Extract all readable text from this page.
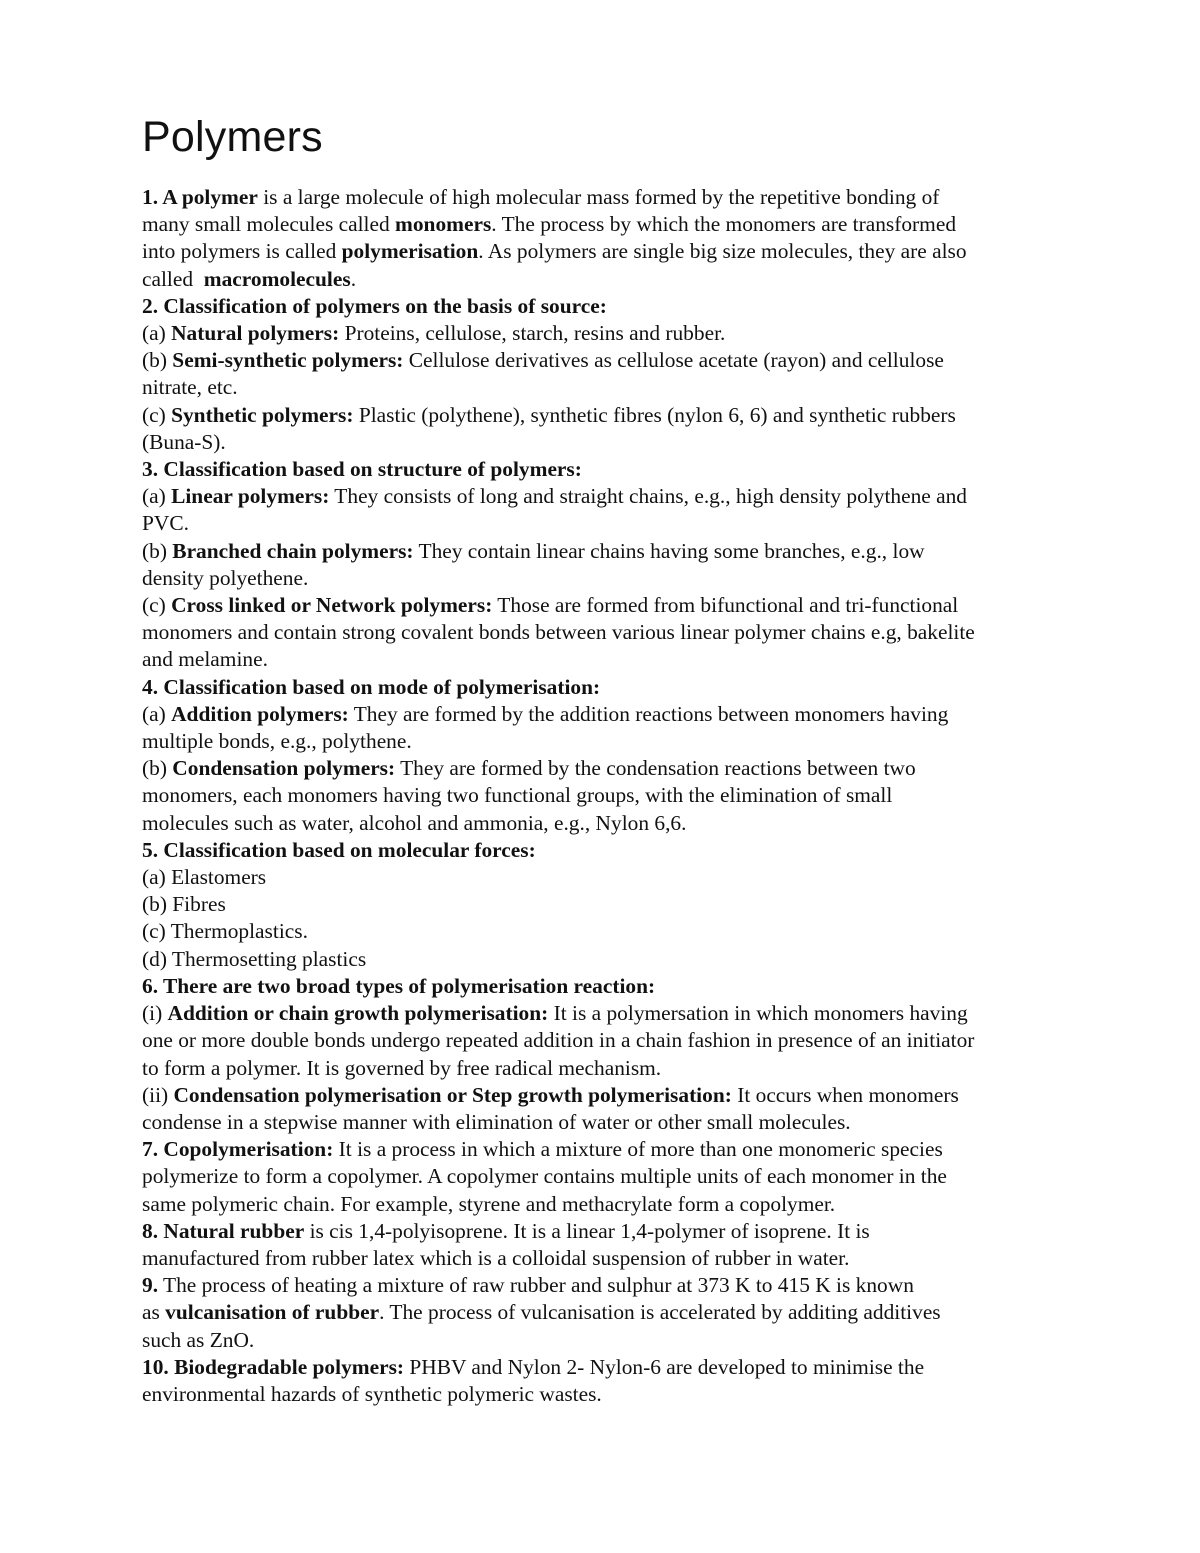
Polymers
1. A polymer is a large molecule of high molecular mass formed by the repetitive bonding of
many small molecules called monomers. The process by which the monomers are transformed
into polymers is called polymerisation. As polymers are single big size molecules, they are also
called  macromolecules.
2. Classification of polymers on the basis of source:
(a) Natural polymers: Proteins, cellulose, starch, resins and rubber.
(b) Semi-synthetic polymers: Cellulose derivatives as cellulose acetate (rayon) and cellulose
nitrate, etc.
(c) Synthetic polymers: Plastic (polythene), synthetic fibres (nylon 6, 6) and synthetic rubbers
(Buna-S).
3. Classification based on structure of polymers:
(a) Linear polymers: They consists of long and straight chains, e.g., high density polythene and
PVC.
(b) Branched chain polymers: They contain linear chains having some branches, e.g., low
density polyethene.
(c) Cross linked or Network polymers: Those are formed from bifunctional and tri-functional
monomers and contain strong covalent bonds between various linear polymer chains e.g, bakelite
and melamine.
4. Classification based on mode of polymerisation:
(a) Addition polymers: They are formed by the addition reactions between monomers having
multiple bonds, e.g., polythene.
(b) Condensation polymers: They are formed by the condensation reactions between two
monomers, each monomers having two functional groups, with the elimination of small
molecules such as water, alcohol and ammonia, e.g., Nylon 6,6.
5. Classification based on molecular forces:
(a) Elastomers
(b) Fibres
(c) Thermoplastics.
(d) Thermosetting plastics
6. There are two broad types of polymerisation reaction:
(i) Addition or chain growth polymerisation: It is a polymersation in which monomers having
one or more double bonds undergo repeated addition in a chain fashion in presence of an initiator
to form a polymer. It is governed by free radical mechanism.
(ii) Condensation polymerisation or Step growth polymerisation: It occurs when monomers
condense in a stepwise manner with elimination of water or other small molecules.
7. Copolymerisation: It is a process in which a mixture of more than one monomeric species
polymerize to form a copolymer. A copolymer contains multiple units of each monomer in the
same polymeric chain. For example, styrene and methacrylate form a copolymer.
8. Natural rubber is cis 1,4-polyisoprene. It is a linear 1,4-polymer of isoprene. It is
manufactured from rubber latex which is a colloidal suspension of rubber in water.
9. The process of heating a mixture of raw rubber and sulphur at 373 K to 415 K is known
as vulcanisation of rubber. The process of vulcanisation is accelerated by additing additives
such as ZnO.
10. Biodegradable polymers: PHBV and Nylon 2- Nylon-6 are developed to minimise the
environmental hazards of synthetic polymeric wastes.
